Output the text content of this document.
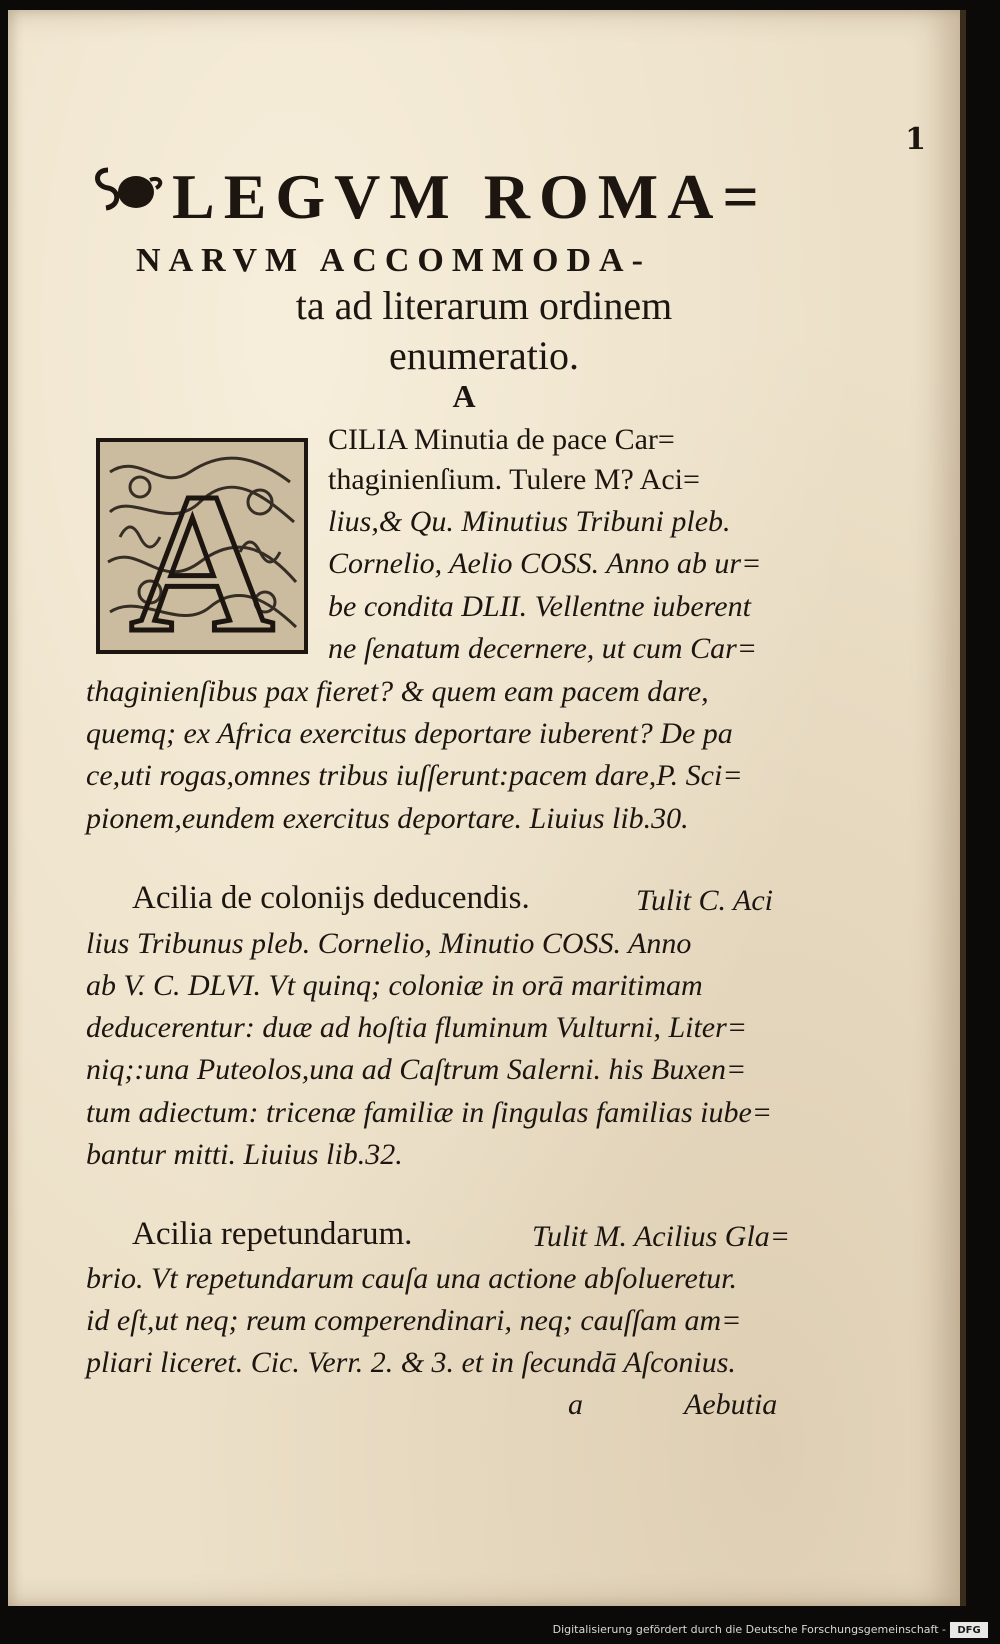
1
LEGVM ROMA=
NARVM ACCOMMODA-
ta ad literarum ordinem
enumeratio.
A
A
CILIA Minutia de pace Car=
thaginienſium. Tulere M? Aci=
lius,& Qu. Minutius Tribuni pleb.
Cornelio, Aelio COSS. Anno ab ur=
be condita DLII. Vellentne iuberent
ne ſenatum decernere, ut cum Car=
thaginienſibus pax fieret? & quem eam pacem dare,
quemq; ex Africa exercitus deportare iuberent? De pa
ce,uti rogas,omnes tribus iuſſerunt:pacem dare,P. Sci=
pionem,eundem exercitus deportare. Liuius lib.30.
Acilia de colonijs deducendis.	Tulit C. Aci
lius Tribunus pleb. Cornelio, Minutio COSS. Anno
ab V. C. DLVI. Vt quinq; coloniæ in orā maritimam
deducerentur: duæ ad hoſtia fluminum Vulturni, Liter=
niq;:una Puteolos,una ad Caſtrum Salerni. his Buxen=
tum adiectum: tricenæ familiæ in ſingulas familias iube=
bantur mitti. Liuius lib.32.
Acilia repetundarum.	Tulit M. Acilius Gla=
brio. Vt repetundarum cauſa una actione abſolueretur.
id eſt,ut neq; reum comperendinari, neq; cauſſam am=
pliari liceret. Cic. Verr. 2. & 3. et in ſecundā Aſconius.
a	Aebutia
Digitalisierung gefördert durch die Deutsche Forschungsgemeinschaft -	DFG
